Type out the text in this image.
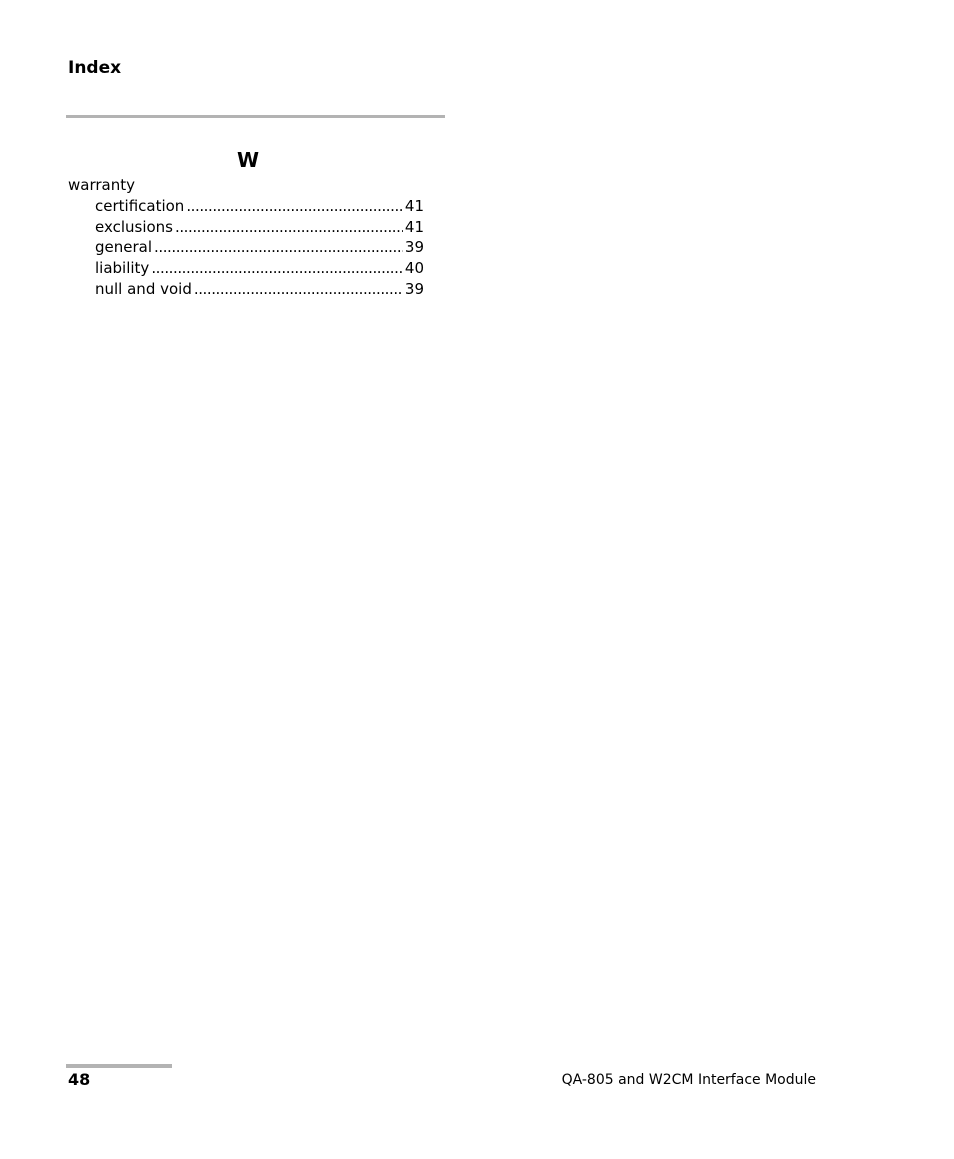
Index
W
warranty
certification . . .	41
exclusions . . .	41
general . . .	39
liability . . .	40
null and void . . .	39
48	QA-805 and W2CM Interface Module
